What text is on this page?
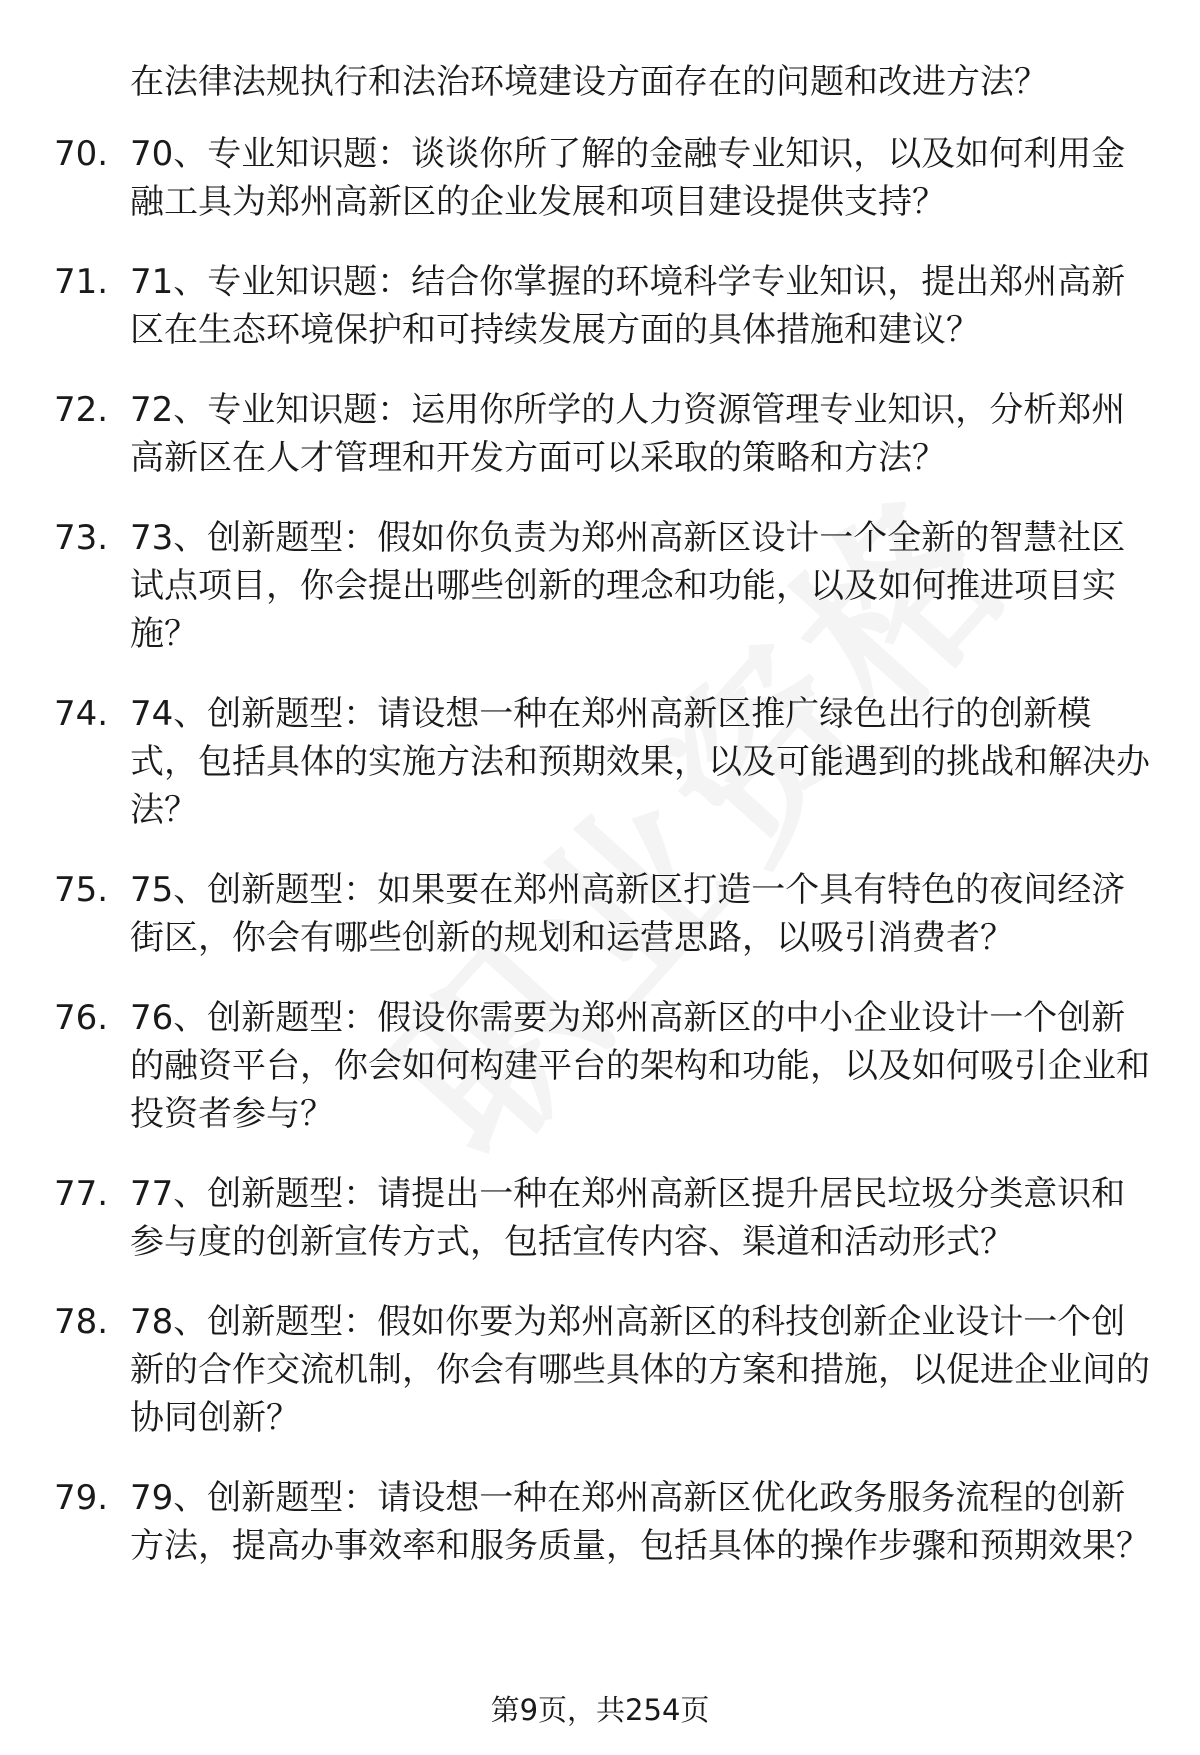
在法律法规执行和法治环境建设方面存在的问题和改进方法？

70. 70、专业知识题：谈谈你所了解的金融专业知识，以及如何利用金融工具为郑州高新区的企业发展和项目建设提供支持？
71. 71、专业知识题：结合你掌握的环境科学专业知识，提出郑州高新区在生态环境保护和可持续发展方面的具体措施和建议？
72. 72、专业知识题：运用你所学的人力资源管理专业知识，分析郑州高新区在人才管理和开发方面可以采取的策略和方法？
73. 73、创新题型：假如你负责为郑州高新区设计一个全新的智慧社区试点项目，你会提出哪些创新的理念和功能，以及如何推进项目实施？
74. 74、创新题型：请设想一种在郑州高新区推广绿色出行的创新模式，包括具体的实施方法和预期效果，以及可能遇到的挑战和解决办法？
75. 75、创新题型：如果要在郑州高新区打造一个具有特色的夜间经济街区，你会有哪些创新的规划和运营思路，以吸引消费者？
76. 76、创新题型：假设你需要为郑州高新区的中小企业设计一个创新的融资平台，你会如何构建平台的架构和功能，以及如何吸引企业和投资者参与？
77. 77、创新题型：请提出一种在郑州高新区提升居民垃圾分类意识和参与度的创新宣传方式，包括宣传内容、渠道和活动形式？
78. 78、创新题型：假如你要为郑州高新区的科技创新企业设计一个创新的合作交流机制，你会有哪些具体的方案和措施，以促进企业间的协同创新？
79. 79、创新题型：请设想一种在郑州高新区优化政务服务流程的创新方法，提高办事效率和服务质量，包括具体的操作步骤和预期效果？
第9页，共254页
